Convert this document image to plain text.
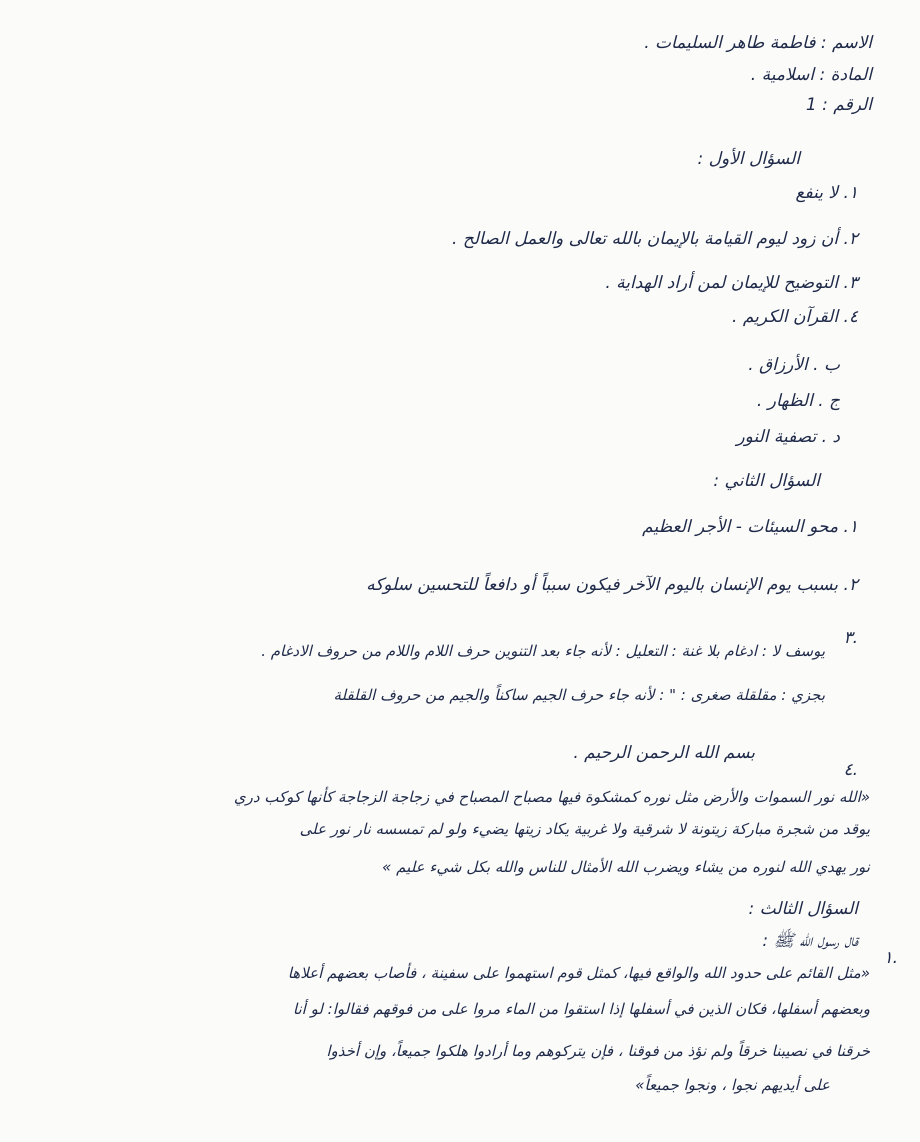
الاسم : فاطمة طاهر السليمات .
المادة : اسلامية .
الرقم : 1
السؤال الأول :
١. لا ينفع
٢. أن زود ليوم القيامة بالإيمان بالله تعالى والعمل الصالح .
٣. التوضيح للإيمان لمن أراد الهداية .
٤. القرآن الكريم .
ب . الأرزاق .
ج . الظهار .
د . تصفية النور
السؤال الثاني :
١. محو السيئات - الأجر العظيم
٢. بسبب يوم الإنسان باليوم الآخر فيكون سبباً أو دافعاً للتحسين سلوكه
٣.
يوسف لا : ادغام بلا غنة : التعليل : لأنه جاء بعد التنوين حرف اللام واللام من حروف الادغام .
بجزي : مقلقلة صغرى : " : لأنه جاء حرف الجيم ساكناً والجيم من حروف القلقلة
٤.
بسم الله الرحمن الرحيم .
«الله نور السموات والأرض مثل نوره كمشكوة فيها مصباح المصباح في زجاجة الزجاجة كأنها كوكب دري
يوقد من شجرة مباركة زيتونة لا شرقية ولا غربية يكاد زيتها يضيء ولو لم تمسسه نار نور على
نور يهدي الله لنوره من يشاء ويضرب الله الأمثال للناس والله بكل شيء عليم »
السؤال الثالث :
١.
قال رسول الله ﷺ :
«مثل القائم على حدود الله والواقع فيها، كمثل قوم استهموا على سفينة ، فأصاب بعضهم أعلاها
وبعضهم أسفلها، فكان الذين في أسفلها إذا استقوا من الماء مروا على من فوقهم فقالوا: لو أنا
خرقنا في نصيبنا خرقاً ولم نؤذ من فوقنا ، فإن يتركوهم وما أرادوا هلكوا جميعاً، وإن أخذوا
على أيديهم نجوا ، ونجوا جميعاً»
